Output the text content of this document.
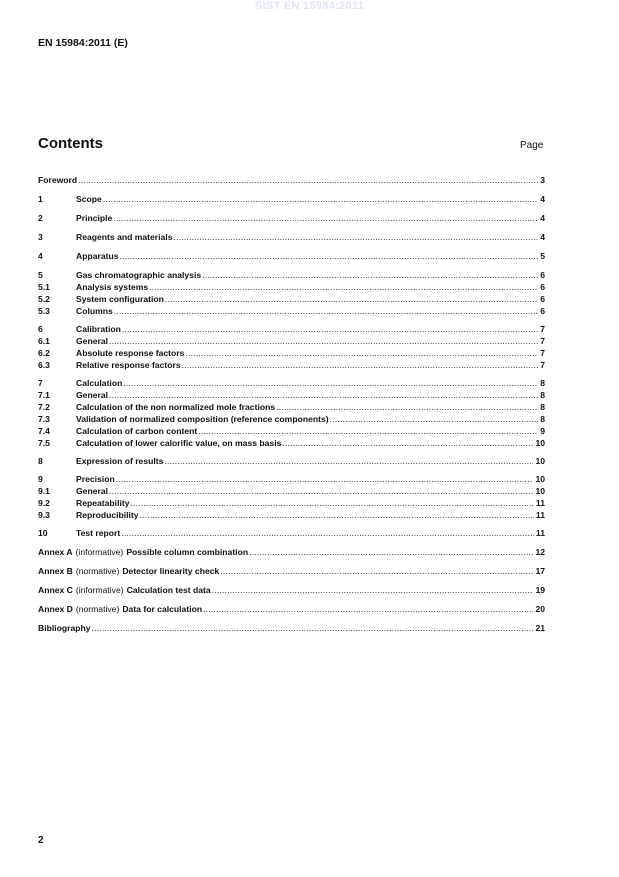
SIST EN 15984:2011
EN 15984:2011 (E)
Contents	Page
Foreword .....	3
1	Scope .....	4
2	Principle .....	4
3	Reagents and materials .....	4
4	Apparatus .....	5
5	Gas chromatographic analysis .....	6
5.1	Analysis systems .....	6
5.2	System configuration .....	6
5.3	Columns .....	6
6	Calibration .....	7
6.1	General .....	7
6.2	Absolute response factors .....	7
6.3	Relative response factors .....	7
7	Calculation .....	8
7.1	General .....	8
7.2	Calculation of the non normalized mole fractions .....	8
7.3	Validation of normalized composition (reference components) .....	8
7.4	Calculation of carbon content .....	9
7.5	Calculation of lower calorific value, on mass basis .....	10
8	Expression of results .....	10
9	Precision .....	10
9.1	General .....	10
9.2	Repeatability .....	11
9.3	Reproducibility .....	11
10	Test report .....	11
Annex A (informative) Possible column combination .....	12
Annex B (normative) Detector linearity check .....	17
Annex C (informative) Calculation test data .....	19
Annex D (normative) Data for calculation .....	20
Bibliography .....	21
2
